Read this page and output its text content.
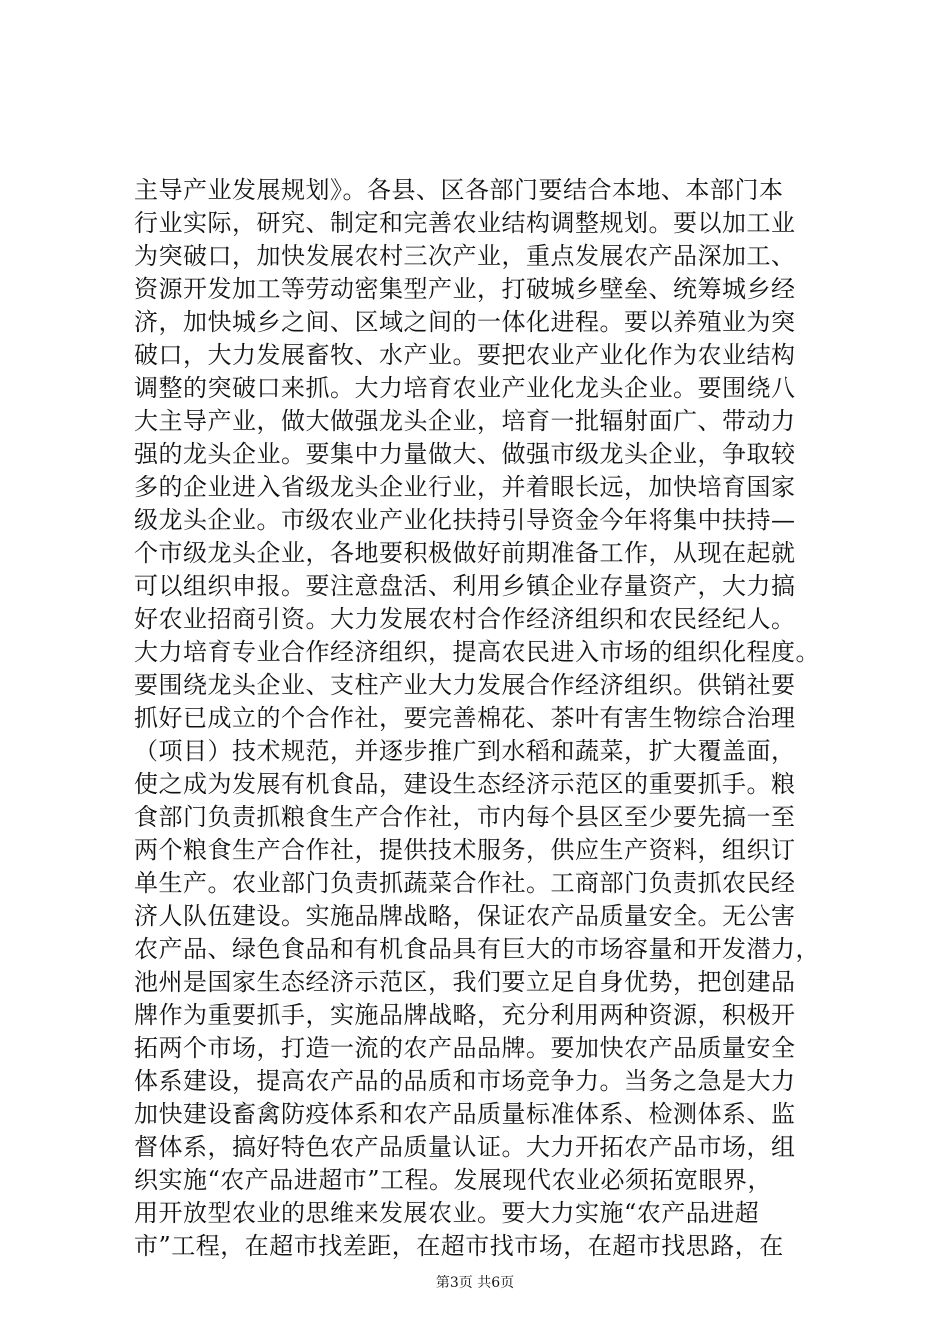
主导产业发展规划》。各县、区各部门要结合本地、本部门本
行业实际，研究、制定和完善农业结构调整规划。要以加工业
为突破口，加快发展农村三次产业，重点发展农产品深加工、
资源开发加工等劳动密集型产业，打破城乡壁垒、统筹城乡经
济，加快城乡之间、区域之间的一体化进程。要以养殖业为突
破口，大力发展畜牧、水产业。要把农业产业化作为农业结构
调整的突破口来抓。大力培育农业产业化龙头企业。要围绕八
大主导产业，做大做强龙头企业，培育一批辐射面广、带动力
强的龙头企业。要集中力量做大、做强市级龙头企业，争取较
多的企业进入省级龙头企业行业，并着眼长远，加快培育国家
级龙头企业。市级农业产业化扶持引导资金今年将集中扶持—
个市级龙头企业，各地要积极做好前期准备工作，从现在起就
可以组织申报。要注意盘活、利用乡镇企业存量资产，大力搞
好农业招商引资。大力发展农村合作经济组织和农民经纪人。
大力培育专业合作经济组织，提高农民进入市场的组织化程度。
要围绕龙头企业、支柱产业大力发展合作经济组织。供销社要
抓好已成立的个合作社，要完善棉花、茶叶有害生物综合治理
（项目）技术规范，并逐步推广到水稻和蔬菜，扩大覆盖面，
使之成为发展有机食品，建设生态经济示范区的重要抓手。粮
食部门负责抓粮食生产合作社，市内每个县区至少要先搞一至
两个粮食生产合作社，提供技术服务，供应生产资料，组织订
单生产。农业部门负责抓蔬菜合作社。工商部门负责抓农民经
济人队伍建设。实施品牌战略，保证农产品质量安全。无公害
农产品、绿色食品和有机食品具有巨大的市场容量和开发潜力，
池州是国家生态经济示范区，我们要立足自身优势，把创建品
牌作为重要抓手，实施品牌战略，充分利用两种资源，积极开
拓两个市场，打造一流的农产品品牌。要加快农产品质量安全
体系建设，提高农产品的品质和市场竞争力。当务之急是大力
加快建设畜禽防疫体系和农产品质量标准体系、检测体系、监
督体系，搞好特色农产品质量认证。大力开拓农产品市场，组
织实施“农产品进超市”工程。发展现代农业必须拓宽眼界，
用开放型农业的思维来发展农业。要大力实施“农产品进超
市”工程，在超市找差距，在超市找市场，在超市找思路，在
第3页 共6页
